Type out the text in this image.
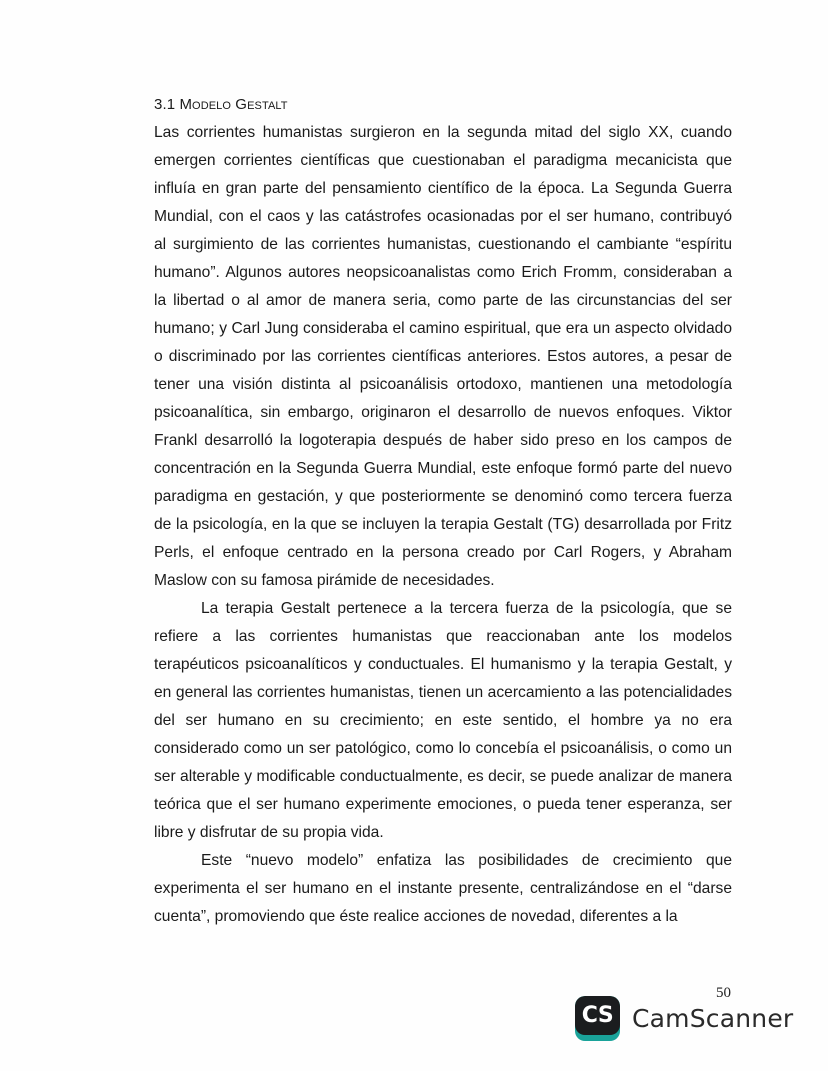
3.1 Modelo Gestalt

Las corrientes humanistas surgieron en la segunda mitad del siglo XX, cuando emergen corrientes científicas que cuestionaban el paradigma mecanicista que influía en gran parte del pensamiento científico de la época. La Segunda Guerra Mundial, con el caos y las catástrofes ocasionadas por el ser humano, contribuyó al surgimiento de las corrientes humanistas, cuestionando el cambiante “espíritu humano”. Algunos autores neopsicoanalistas como Erich Fromm, consideraban a la libertad o al amor de manera seria, como parte de las circunstancias del ser humano; y Carl Jung consideraba el camino espiritual, que era un aspecto olvidado o discriminado por las corrientes científicas anteriores. Estos autores, a pesar de tener una visión distinta al psicoanálisis ortodoxo, mantienen una metodología psicoanalítica, sin embargo, originaron el desarrollo de nuevos enfoques. Viktor Frankl desarrolló la logoterapia después de haber sido preso en los campos de concentración en la Segunda Guerra Mundial, este enfoque formó parte del nuevo paradigma en gestación, y que posteriormente se denominó como tercera fuerza de la psicología, en la que se incluyen la terapia Gestalt (TG) desarrollada por Fritz Perls, el enfoque centrado en la persona creado por Carl Rogers, y Abraham Maslow con su famosa pirámide de necesidades.

La terapia Gestalt pertenece a la tercera fuerza de la psicología, que se refiere a las corrientes humanistas que reaccionaban ante los modelos terapéuticos psicoanalíticos y conductuales. El humanismo y la terapia Gestalt, y en general las corrientes humanistas, tienen un acercamiento a las potencialidades del ser humano en su crecimiento; en este sentido, el hombre ya no era considerado como un ser patológico, como lo concebía el psicoanálisis, o como un ser alterable y modificable conductualmente, es decir, se puede analizar de manera teórica que el ser humano experimente emociones, o pueda tener esperanza, ser libre y disfrutar de su propia vida.

Este “nuevo modelo” enfatiza las posibilidades de crecimiento que experimenta el ser humano en el instante presente, centralizándose en el “darse cuenta”, promoviendo que éste realice acciones de novedad, diferentes a la

50
CS CamScanner
